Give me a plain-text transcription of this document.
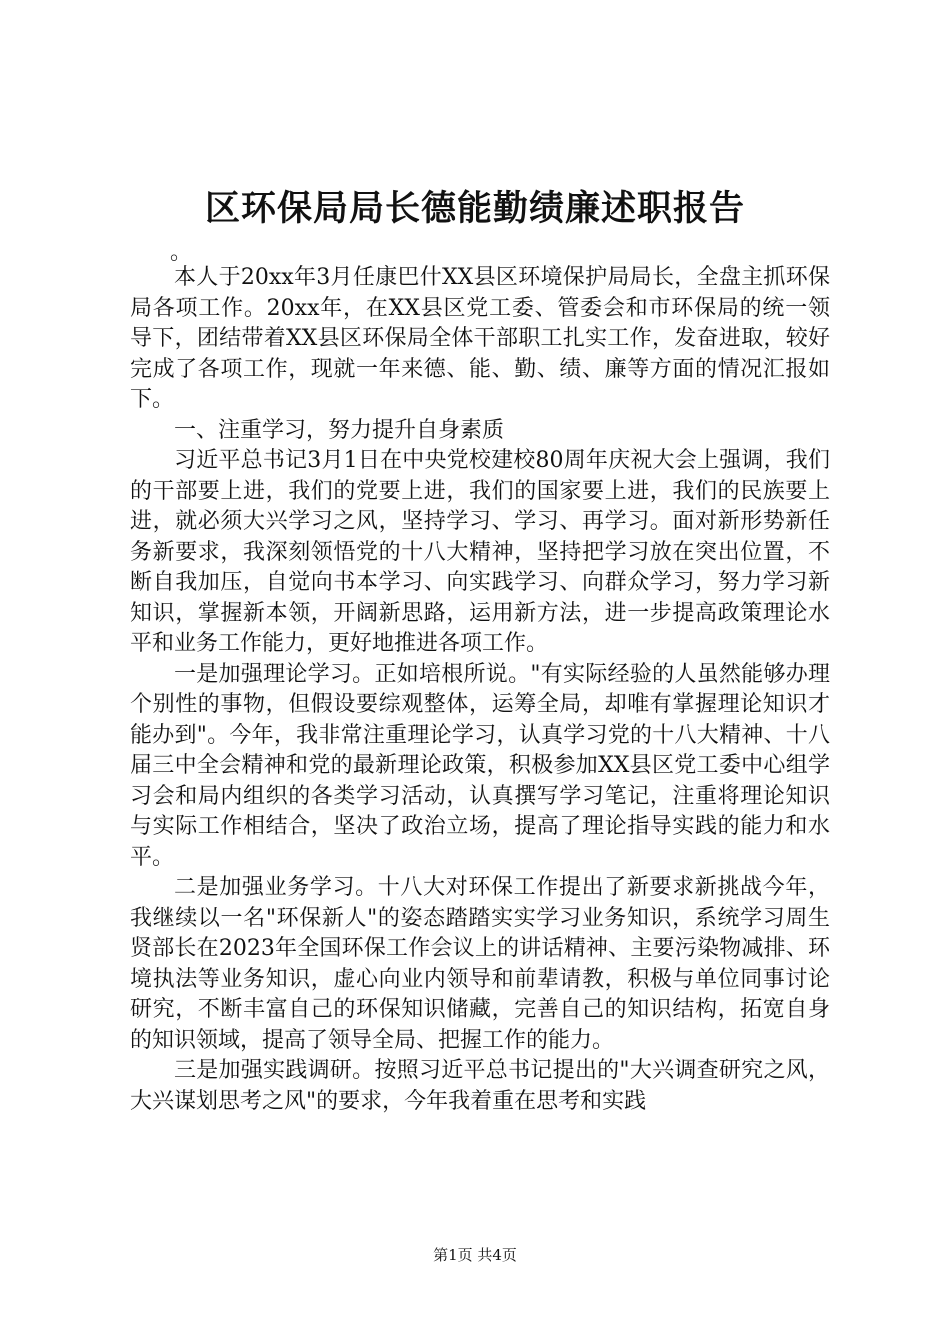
区环保局局长德能勤绩廉述职报告

。

本人于20xx年3月任康巴什XX县区环境保护局局长，全盘主抓环保局各项工作。20xx年，在XX县区党工委、管委会和市环保局的统一领导下，团结带着XX县区环保局全体干部职工扎实工作，发奋进取，较好完成了各项工作，现就一年来德、能、勤、绩、廉等方面的情况汇报如下。

一、注重学习，努力提升自身素质

习近平总书记3月1日在中央党校建校80周年庆祝大会上强调，我们的干部要上进，我们的党要上进，我们的国家要上进，我们的民族要上进，就必须大兴学习之风，坚持学习、学习、再学习。面对新形势新任务新要求，我深刻领悟党的十八大精神，坚持把学习放在突出位置，不断自我加压，自觉向书本学习、向实践学习、向群众学习，努力学习新知识，掌握新本领，开阔新思路，运用新方法，进一步提高政策理论水平和业务工作能力，更好地推进各项工作。

一是加强理论学习。正如培根所说。"有实际经验的人虽然能够办理个别性的事物，但假设要综观整体，运筹全局，却唯有掌握理论知识才能办到"。今年，我非常注重理论学习，认真学习党的十八大精神、十八届三中全会精神和党的最新理论政策，积极参加XX县区党工委中心组学习会和局内组织的各类学习活动，认真撰写学习笔记，注重将理论知识与实际工作相结合，坚决了政治立场，提高了理论指导实践的能力和水平。

二是加强业务学习。十八大对环保工作提出了新要求新挑战今年，我继续以一名"环保新人"的姿态踏踏实实学习业务知识，系统学习周生贤部长在2023年全国环保工作会议上的讲话精神、主要污染物减排、环境执法等业务知识，虚心向业内领导和前辈请教，积极与单位同事讨论研究，不断丰富自己的环保知识储藏，完善自己的知识结构，拓宽自身的知识领域，提高了领导全局、把握工作的能力。

三是加强实践调研。按照习近平总书记提出的"大兴调查研究之风，大兴谋划思考之风"的要求，今年我着重在思考和实践

第1页 共4页
